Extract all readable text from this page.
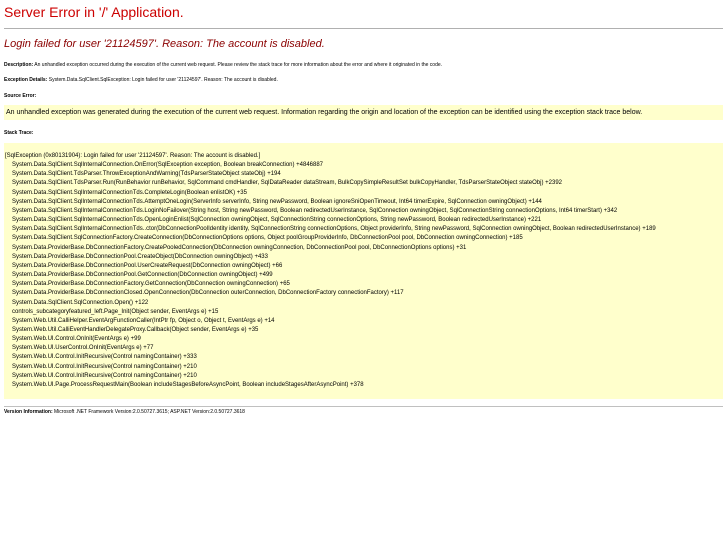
Server Error in '/' Application.
Login failed for user '21124597'. Reason: The account is disabled.

Description: An unhandled exception occurred during the execution of the current web request. Please review the stack trace for more information about the error and where it originated in the code.

Exception Details: System.Data.SqlClient.SqlException: Login failed for user '21124597'. Reason: The account is disabled.

Source Error:

An unhandled exception was generated during the execution of the current web request. Information regarding the origin and location of the exception can be identified using the exception stack trace below.

Stack Trace:

[SqlException (0x80131904): Login failed for user '21124597'. Reason: The account is disabled.]
System.Data.SqlClient.SqlInternalConnection.OnError(SqlException exception, Boolean breakConnection) +4846887
System.Data.SqlClient.TdsParser.ThrowExceptionAndWarning(TdsParserStateObject stateObj) +194
System.Data.SqlClient.TdsParser.Run(RunBehavior runBehavior, SqlCommand cmdHandler, SqlDataReader dataStream, BulkCopySimpleResultSet bulkCopyHandler, TdsParserStateObject stateObj) +2392
System.Data.SqlClient.SqlInternalConnectionTds.CompleteLogin(Boolean enlistOK) +35
System.Data.SqlClient.SqlInternalConnectionTds.AttemptOneLogin(ServerInfo serverInfo, String newPassword, Boolean ignoreSniOpenTimeout, Int64 timerExpire, SqlConnection owningObject) +144
System.Data.SqlClient.SqlInternalConnectionTds.LoginNoFailover(String host, String newPassword, Boolean redirectedUserInstance, SqlConnection owningObject, SqlConnectionString connectionOptions, Int64 timerStart) +342
System.Data.SqlClient.SqlInternalConnectionTds.OpenLoginEnlist(SqlConnection owningObject, SqlConnectionString connectionOptions, String newPassword, Boolean redirectedUserInstance) +221
System.Data.SqlClient.SqlInternalConnectionTds..ctor(DbConnectionPoolIdentity identity, SqlConnectionString connectionOptions, Object providerInfo, String newPassword, SqlConnection owningObject, Boolean redirectedUserInstance) +189
System.Data.SqlClient.SqlConnectionFactory.CreateConnection(DbConnectionOptions options, Object poolGroupProviderInfo, DbConnectionPool pool, DbConnection owningConnection) +185
System.Data.ProviderBase.DbConnectionFactory.CreatePooledConnection(DbConnection owningConnection, DbConnectionPool pool, DbConnectionOptions options) +31
System.Data.ProviderBase.DbConnectionPool.CreateObject(DbConnection owningObject) +433
System.Data.ProviderBase.DbConnectionPool.UserCreateRequest(DbConnection owningObject) +66
System.Data.ProviderBase.DbConnectionPool.GetConnection(DbConnection owningObject) +499
System.Data.ProviderBase.DbConnectionFactory.GetConnection(DbConnection owningConnection) +65
System.Data.ProviderBase.DbConnectionClosed.OpenConnection(DbConnection outerConnection, DbConnectionFactory connectionFactory) +117
System.Data.SqlClient.SqlConnection.Open() +122
controls_subcategoryfeatured_left.Page_Init(Object sender, EventArgs e) +15
System.Web.Util.CalliHelper.EventArgFunctionCaller(IntPtr fp, Object o, Object t, EventArgs e) +14
System.Web.Util.CalliEventHandlerDelegateProxy.Callback(Object sender, EventArgs e) +35
System.Web.UI.Control.OnInit(EventArgs e) +99
System.Web.UI.UserControl.OnInit(EventArgs e) +77
System.Web.UI.Control.InitRecursive(Control namingContainer) +333
System.Web.UI.Control.InitRecursive(Control namingContainer) +210
System.Web.UI.Control.InitRecursive(Control namingContainer) +210
System.Web.UI.Page.ProcessRequestMain(Boolean includeStagesBeforeAsyncPoint, Boolean includeStagesAfterAsyncPoint) +378

Version Information: Microsoft .NET Framework Version:2.0.50727.3615; ASP.NET Version:2.0.50727.3618
